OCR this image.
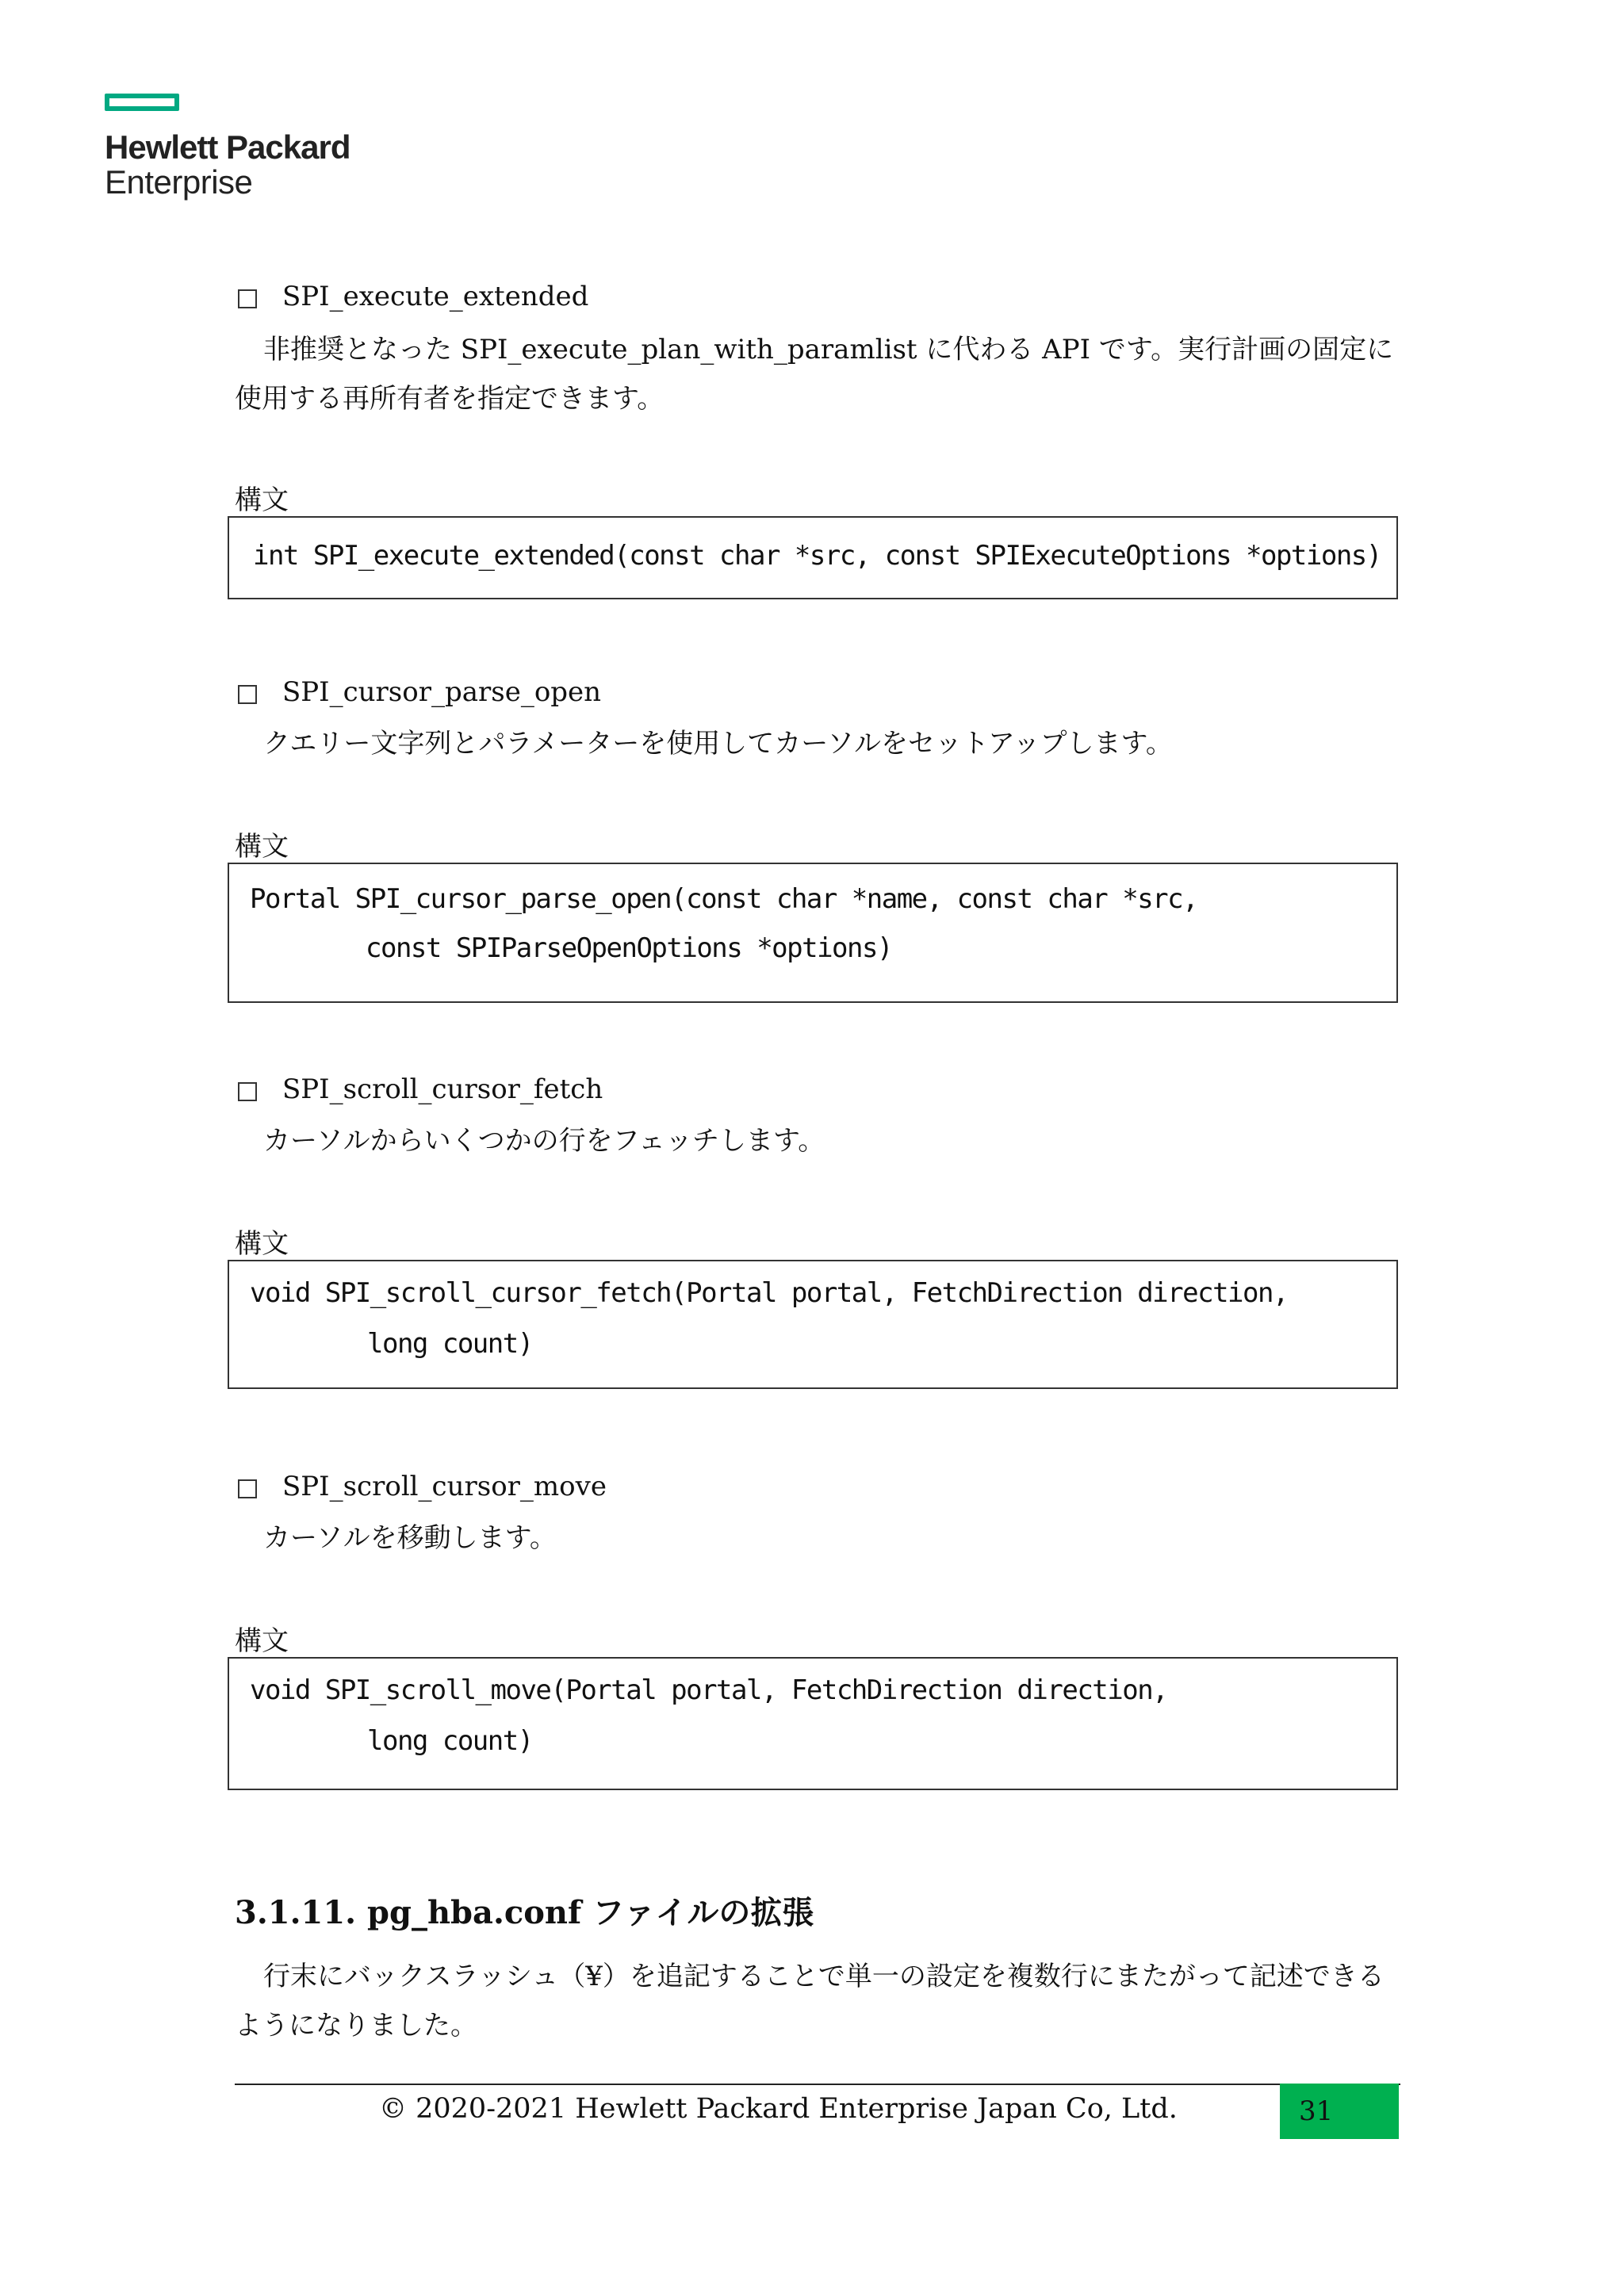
Hewlett Packard
Enterprise
SPI_execute_extended
非推奨となった SPI_execute_plan_with_paramlist に代わる API です。実行計画の固定に使用する再所有者を指定できます。
構文
int SPI_execute_extended(const char *src, const SPIExecuteOptions *options)
SPI_cursor_parse_open
クエリー文字列とパラメーターを使用してカーソルをセットアップします。
構文
Portal SPI_cursor_parse_open(const char *name, const char *src,
const SPIParseOpenOptions *options)
SPI_scroll_cursor_fetch
カーソルからいくつかの行をフェッチします。
構文
void SPI_scroll_cursor_fetch(Portal portal, FetchDirection direction,
long count)
SPI_scroll_cursor_move
カーソルを移動します。
構文
void SPI_scroll_move(Portal portal, FetchDirection direction,
long count)
3.1.11. pg_hba.conf ファイルの拡張
行末にバックスラッシュ（¥）を追記することで単一の設定を複数行にまたがって記述できるようになりました。
© 2020-2021 Hewlett Packard Enterprise Japan Co, Ltd.	31
